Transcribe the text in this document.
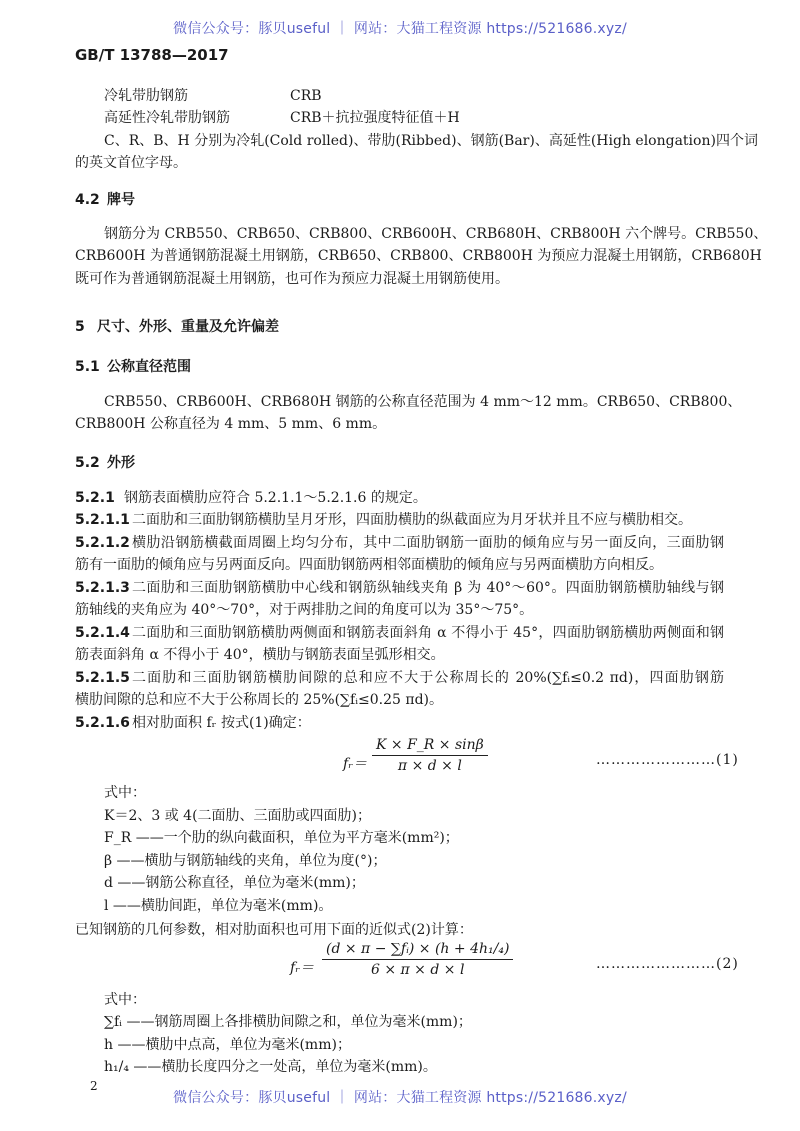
微信公众号：豚贝useful ｜ 网站：大猫工程资源 https://521686.xyz/
GB/T 13788—2017
冷轧带肋钢筋	CRB
高延性冷轧带肋钢筋	CRB＋抗拉强度特征值＋H
C、R、B、H 分别为冷轧(Cold rolled)、带肋(Ribbed)、钢筋(Bar)、高延性(High elongation)四个词
的英文首位字母。
4.2 牌号
钢筋分为 CRB550、CRB650、CRB800、CRB600H、CRB680H、CRB800H 六个牌号。CRB550、
CRB600H 为普通钢筋混凝土用钢筋，CRB650、CRB800、CRB800H 为预应力混凝土用钢筋，CRB680H
既可作为普通钢筋混凝土用钢筋，也可作为预应力混凝土用钢筋使用。
5 尺寸、外形、重量及允许偏差
5.1 公称直径范围
CRB550、CRB600H、CRB680H 钢筋的公称直径范围为 4 mm～12 mm。CRB650、CRB800、
CRB800H 公称直径为 4 mm、5 mm、6 mm。
5.2 外形
5.2.1 钢筋表面横肋应符合 5.2.1.1～5.2.1.6 的规定。
5.2.1.1 二面肋和三面肋钢筋横肋呈月牙形，四面肋横肋的纵截面应为月牙状并且不应与横肋相交。
5.2.1.2 横肋沿钢筋横截面周圈上均匀分布，其中二面肋钢筋一面肋的倾角应与另一面反向，三面肋钢
筋有一面肋的倾角应与另两面反向。四面肋钢筋两相邻面横肋的倾角应与另两面横肋方向相反。
5.2.1.3 二面肋和三面肋钢筋横肋中心线和钢筋纵轴线夹角 β 为 40°～60°。四面肋钢筋横肋轴线与钢
筋轴线的夹角应为 40°～70°，对于两排肋之间的角度可以为 35°～75°。
5.2.1.4 二面肋和三面肋钢筋横肋两侧面和钢筋表面斜角 α 不得小于 45°，四面肋钢筋横肋两侧面和钢
筋表面斜角 α 不得小于 40°，横肋与钢筋表面呈弧形相交。
5.2.1.5 二面肋和三面肋钢筋横肋间隙的总和应不大于公称周长的 20%(∑fᵢ≤0.2 πd)，四面肋钢筋
横肋间隙的总和应不大于公称周长的 25%(∑fᵢ≤0.25 πd)。
5.2.1.6 相对肋面积 fᵣ 按式(1)确定：
fᵣ＝ $\frac{K \times F\_R \times \sin\beta}{\pi \times d \times l}$	……………………(1)
式中：
K＝2、3 或 4(二面肋、三面肋或四面肋)；
F_R ——一个肋的纵向截面积，单位为平方毫米(mm²)；
β ——横肋与钢筋轴线的夹角，单位为度(°)；
d ——钢筋公称直径，单位为毫米(mm)；
l ——横肋间距，单位为毫米(mm)。
已知钢筋的几何参数，相对肋面积也可用下面的近似式(2)计算：
fᵣ＝ $\frac{\text{(d × π − ∑fᵢ) × (h + 4h₁/₄)}}{6 \times \pi \times d \times l}$	……………………(2)
式中：
∑fᵢ ——钢筋周圈上各排横肋间隙之和，单位为毫米(mm)；
h ——横肋中点高，单位为毫米(mm)；
h₁/₄ ——横肋长度四分之一处高，单位为毫米(mm)。
2
微信公众号：豚贝useful ｜ 网站：大猫工程资源 https://521686.xyz/
